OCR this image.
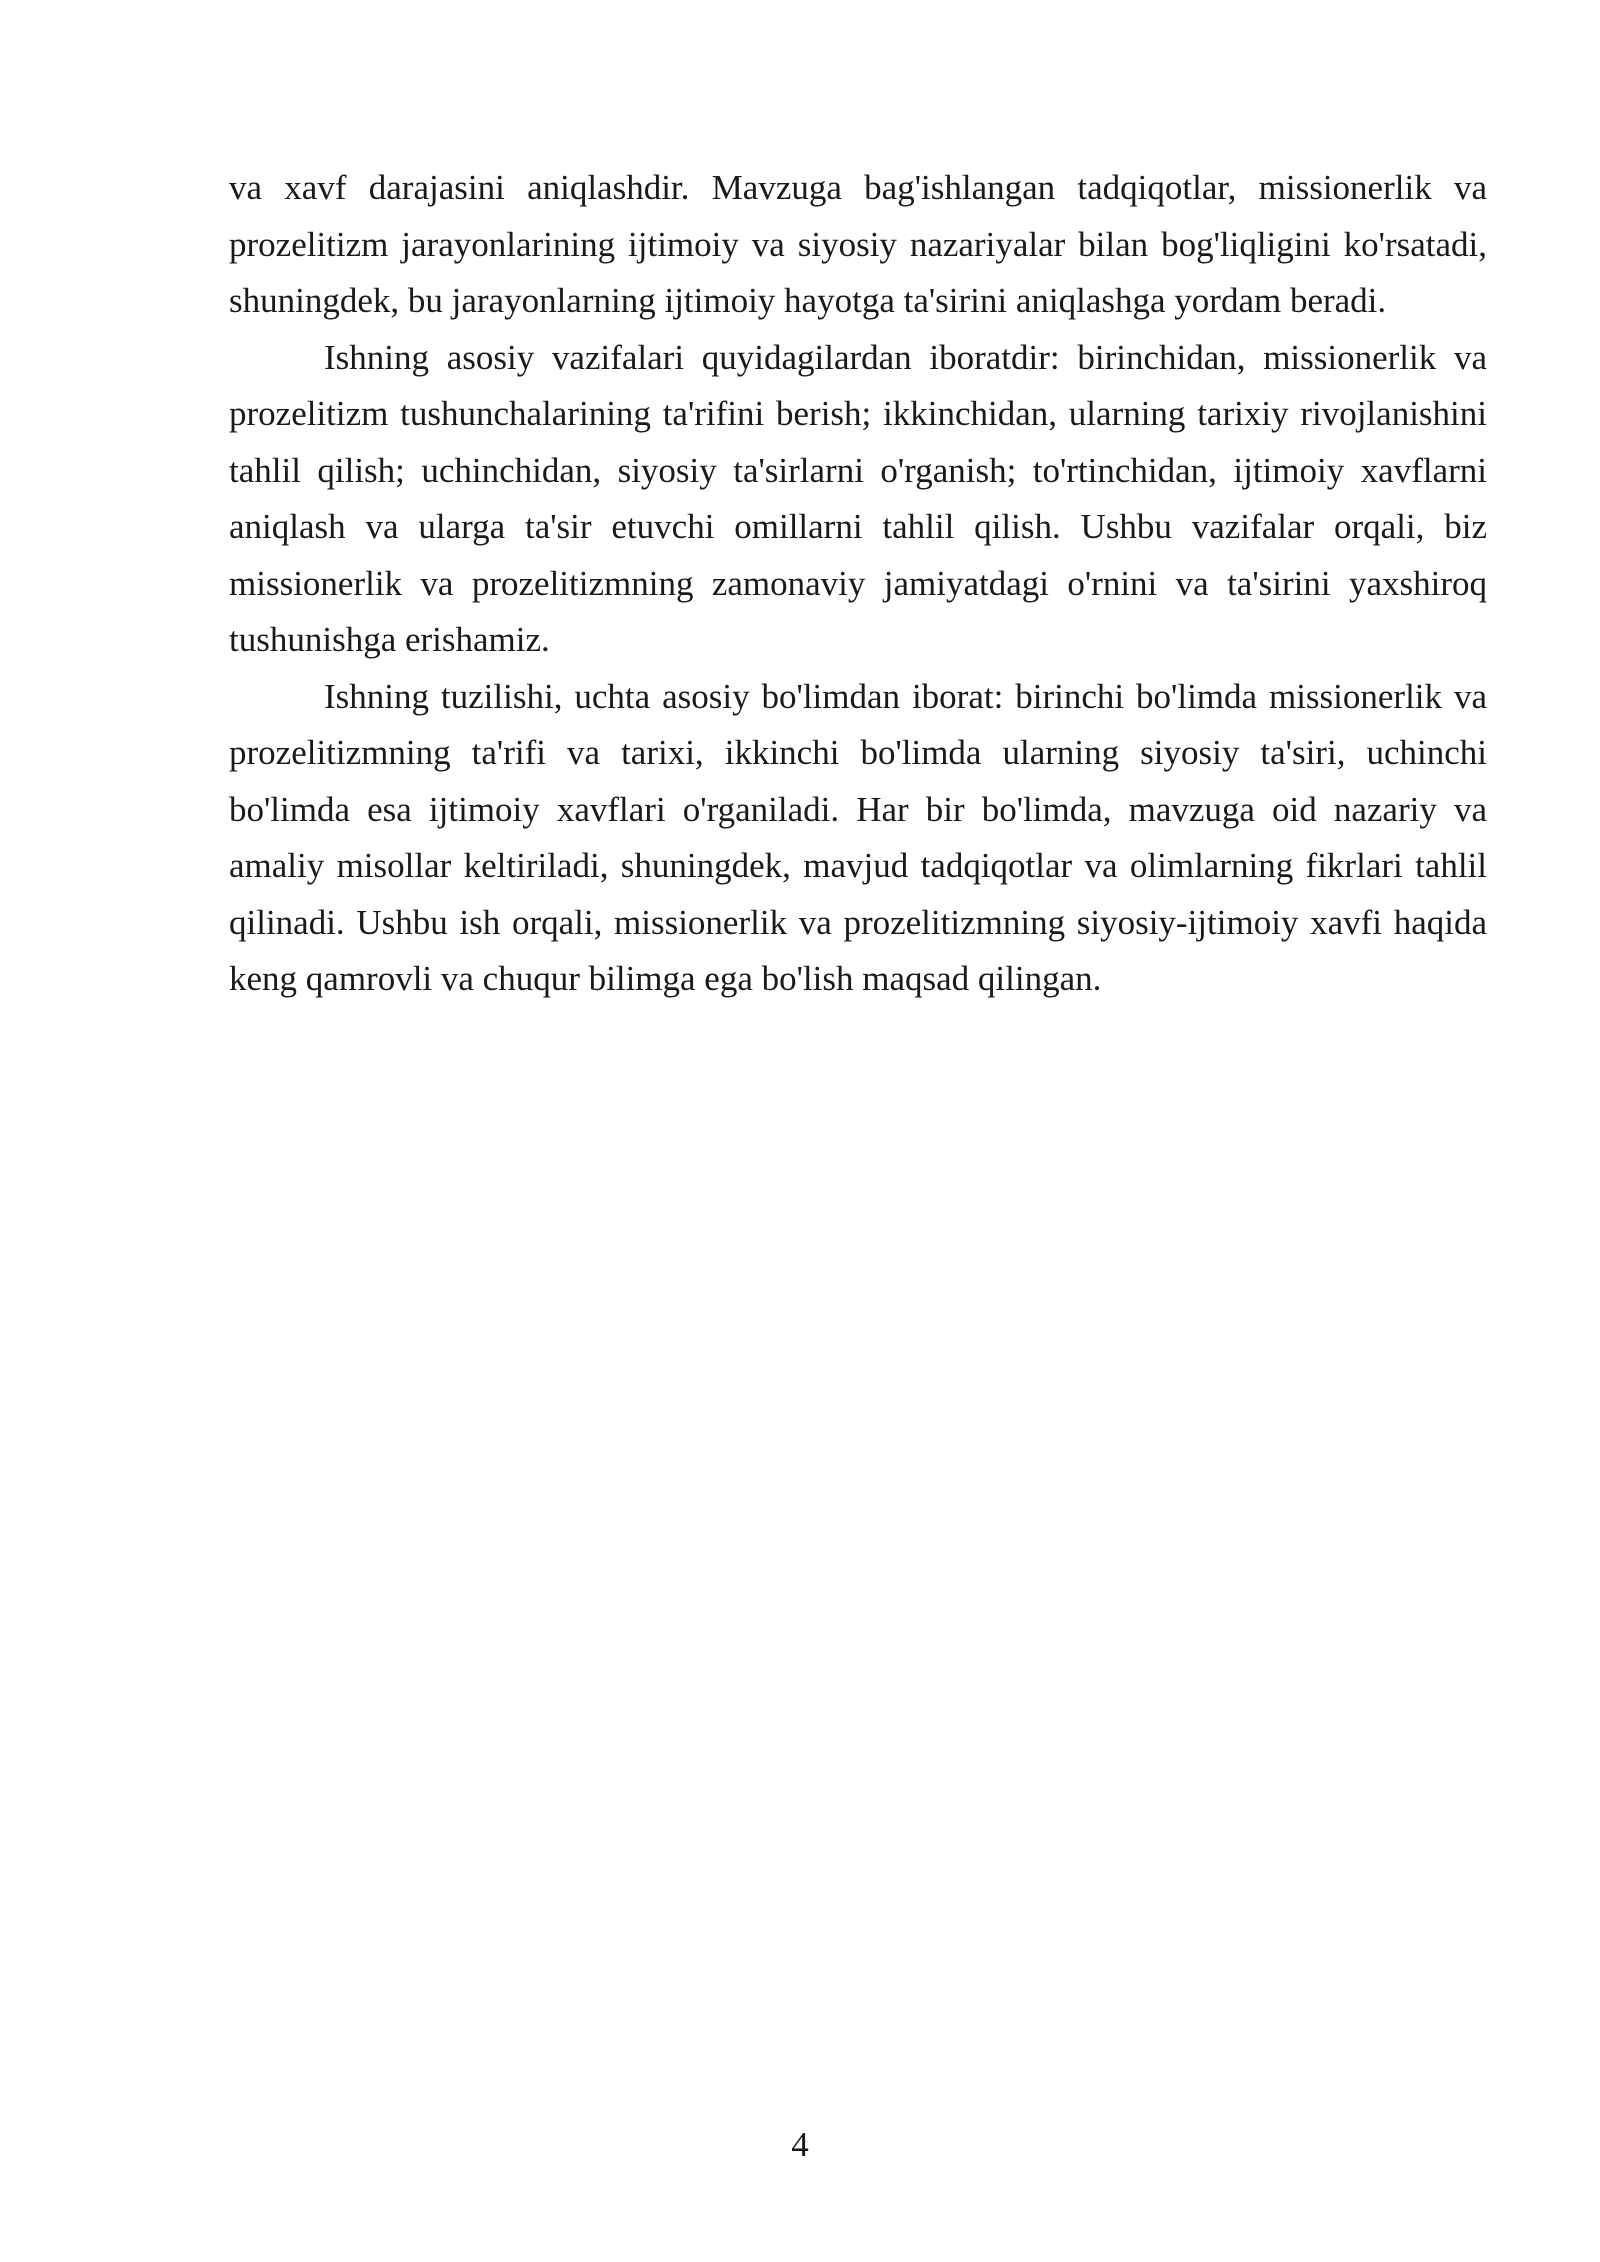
va xavf darajasini aniqlashdir. Mavzuga bag'ishlangan tadqiqotlar, missionerlik va prozelitizm jarayonlarining ijtimoiy va siyosiy nazariyalar bilan bog'liqligini ko'rsatadi, shuningdek, bu jarayonlarning ijtimoiy hayotga ta'sirini aniqlashga yordam beradi.

Ishning asosiy vazifalari quyidagilardan iboratdir: birinchidan, missionerlik va prozelitizm tushunchalarining ta'rifini berish; ikkinchidan, ularning tarixiy rivojlanishini tahlil qilish; uchinchidan, siyosiy ta'sirlarni o'rganish; to'rtinchidan, ijtimoiy xavflarni aniqlash va ularga ta'sir etuvchi omillarni tahlil qilish. Ushbu vazifalar orqali, biz missionerlik va prozelitizmning zamonaviy jamiyatdagi o'rnini va ta'sirini yaxshiroq tushunishga erishamiz.

Ishning tuzilishi, uchta asosiy bo'limdan iborat: birinchi bo'limda missionerlik va prozelitizmning ta'rifi va tarixi, ikkinchi bo'limda ularning siyosiy ta'siri, uchinchi bo'limda esa ijtimoiy xavflari o'rganiladi. Har bir bo'limda, mavzuga oid nazariy va amaliy misollar keltiriladi, shuningdek, mavjud tadqiqotlar va olimlarning fikrlari tahlil qilinadi. Ushbu ish orqali, missionerlik va prozelitizmning siyosiy-ijtimoiy xavfi haqida keng qamrovli va chuqur bilimga ega bo'lish maqsad qilingan.

4
